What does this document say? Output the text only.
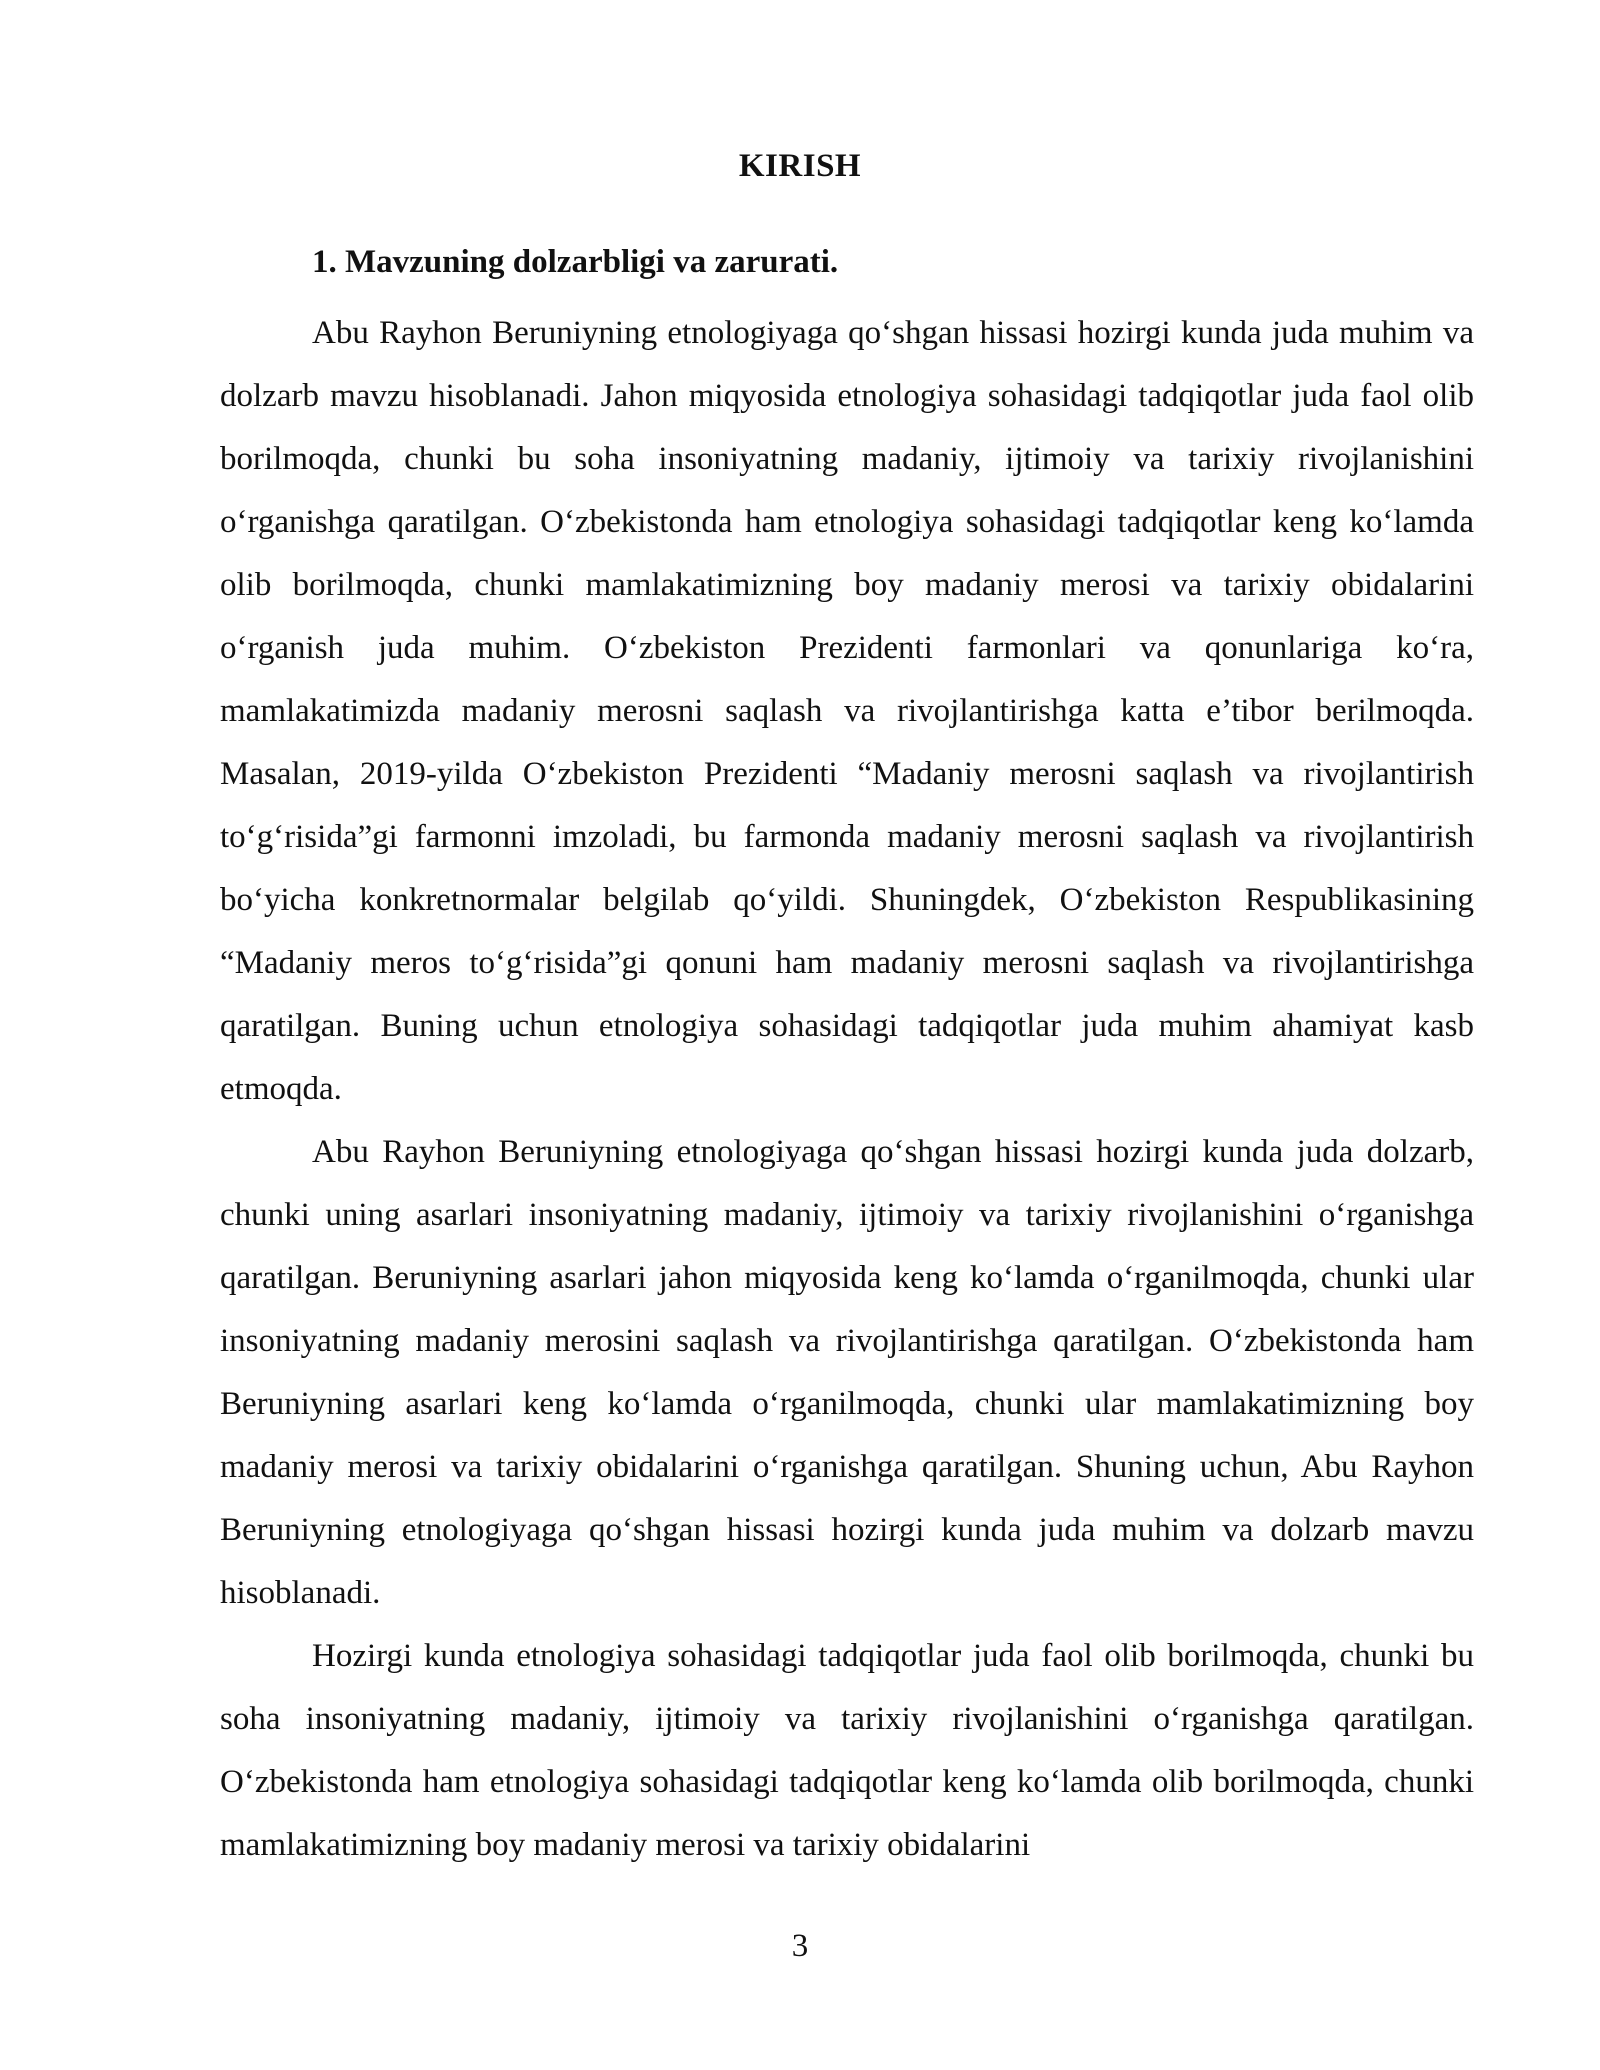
KIRISH
1. Mavzuning dolzarbligi va zarurati.

Abu Rayhon Beruniyning etnologiyaga qo‘shgan hissasi hozirgi kunda juda muhim va dolzarb mavzu hisoblanadi. Jahon miqyosida etnologiya sohasidagi tadqiqotlar juda faol olib borilmoqda, chunki bu soha insoniyatning madaniy, ijtimoiy va tarixiy rivojlanishini o‘rganishga qaratilgan. O‘zbekistonda ham etnologiya sohasidagi tadqiqotlar keng ko‘lamda olib borilmoqda, chunki mamlakatimizning boy madaniy merosi va tarixiy obidalarini o‘rganish juda muhim. O‘zbekiston Prezidenti farmonlari va qonunlariga ko‘ra, mamlakatimizda madaniy merosni saqlash va rivojlantirishga katta e’tibor berilmoqda. Masalan, 2019-yilda O‘zbekiston Prezidenti “Madaniy merosni saqlash va rivojlantirish to‘g‘risida”gi farmonni imzoladi, bu farmonda madaniy merosni saqlash va rivojlantirish bo‘yicha konkretnormalar belgilab qo‘yildi. Shuningdek, O‘zbekiston Respublikasining “Madaniy meros to‘g‘risida”gi qonuni ham madaniy merosni saqlash va rivojlantirishga qaratilgan. Buning uchun etnologiya sohasidagi tadqiqotlar juda muhim ahamiyat kasb etmoqda.

Abu Rayhon Beruniyning etnologiyaga qo‘shgan hissasi hozirgi kunda juda dolzarb, chunki uning asarlari insoniyatning madaniy, ijtimoiy va tarixiy rivojlanishini o‘rganishga qaratilgan. Beruniyning asarlari jahon miqyosida keng ko‘lamda o‘rganilmoqda, chunki ular insoniyatning madaniy merosini saqlash va rivojlantirishga qaratilgan. O‘zbekistonda ham Beruniyning asarlari keng ko‘lamda o‘rganilmoqda, chunki ular mamlakatimizning boy madaniy merosi va tarixiy obidalarini o‘rganishga qaratilgan. Shuning uchun, Abu Rayhon Beruniyning etnologiyaga qo‘shgan hissasi hozirgi kunda juda muhim va dolzarb mavzu hisoblanadi.

Hozirgi kunda etnologiya sohasidagi tadqiqotlar juda faol olib borilmoqda, chunki bu soha insoniyatning madaniy, ijtimoiy va tarixiy rivojlanishini o‘rganishga qaratilgan. O‘zbekistonda ham etnologiya sohasidagi tadqiqotlar keng ko‘lamda olib borilmoqda, chunki mamlakatimizning boy madaniy merosi va tarixiy obidalarini

3
